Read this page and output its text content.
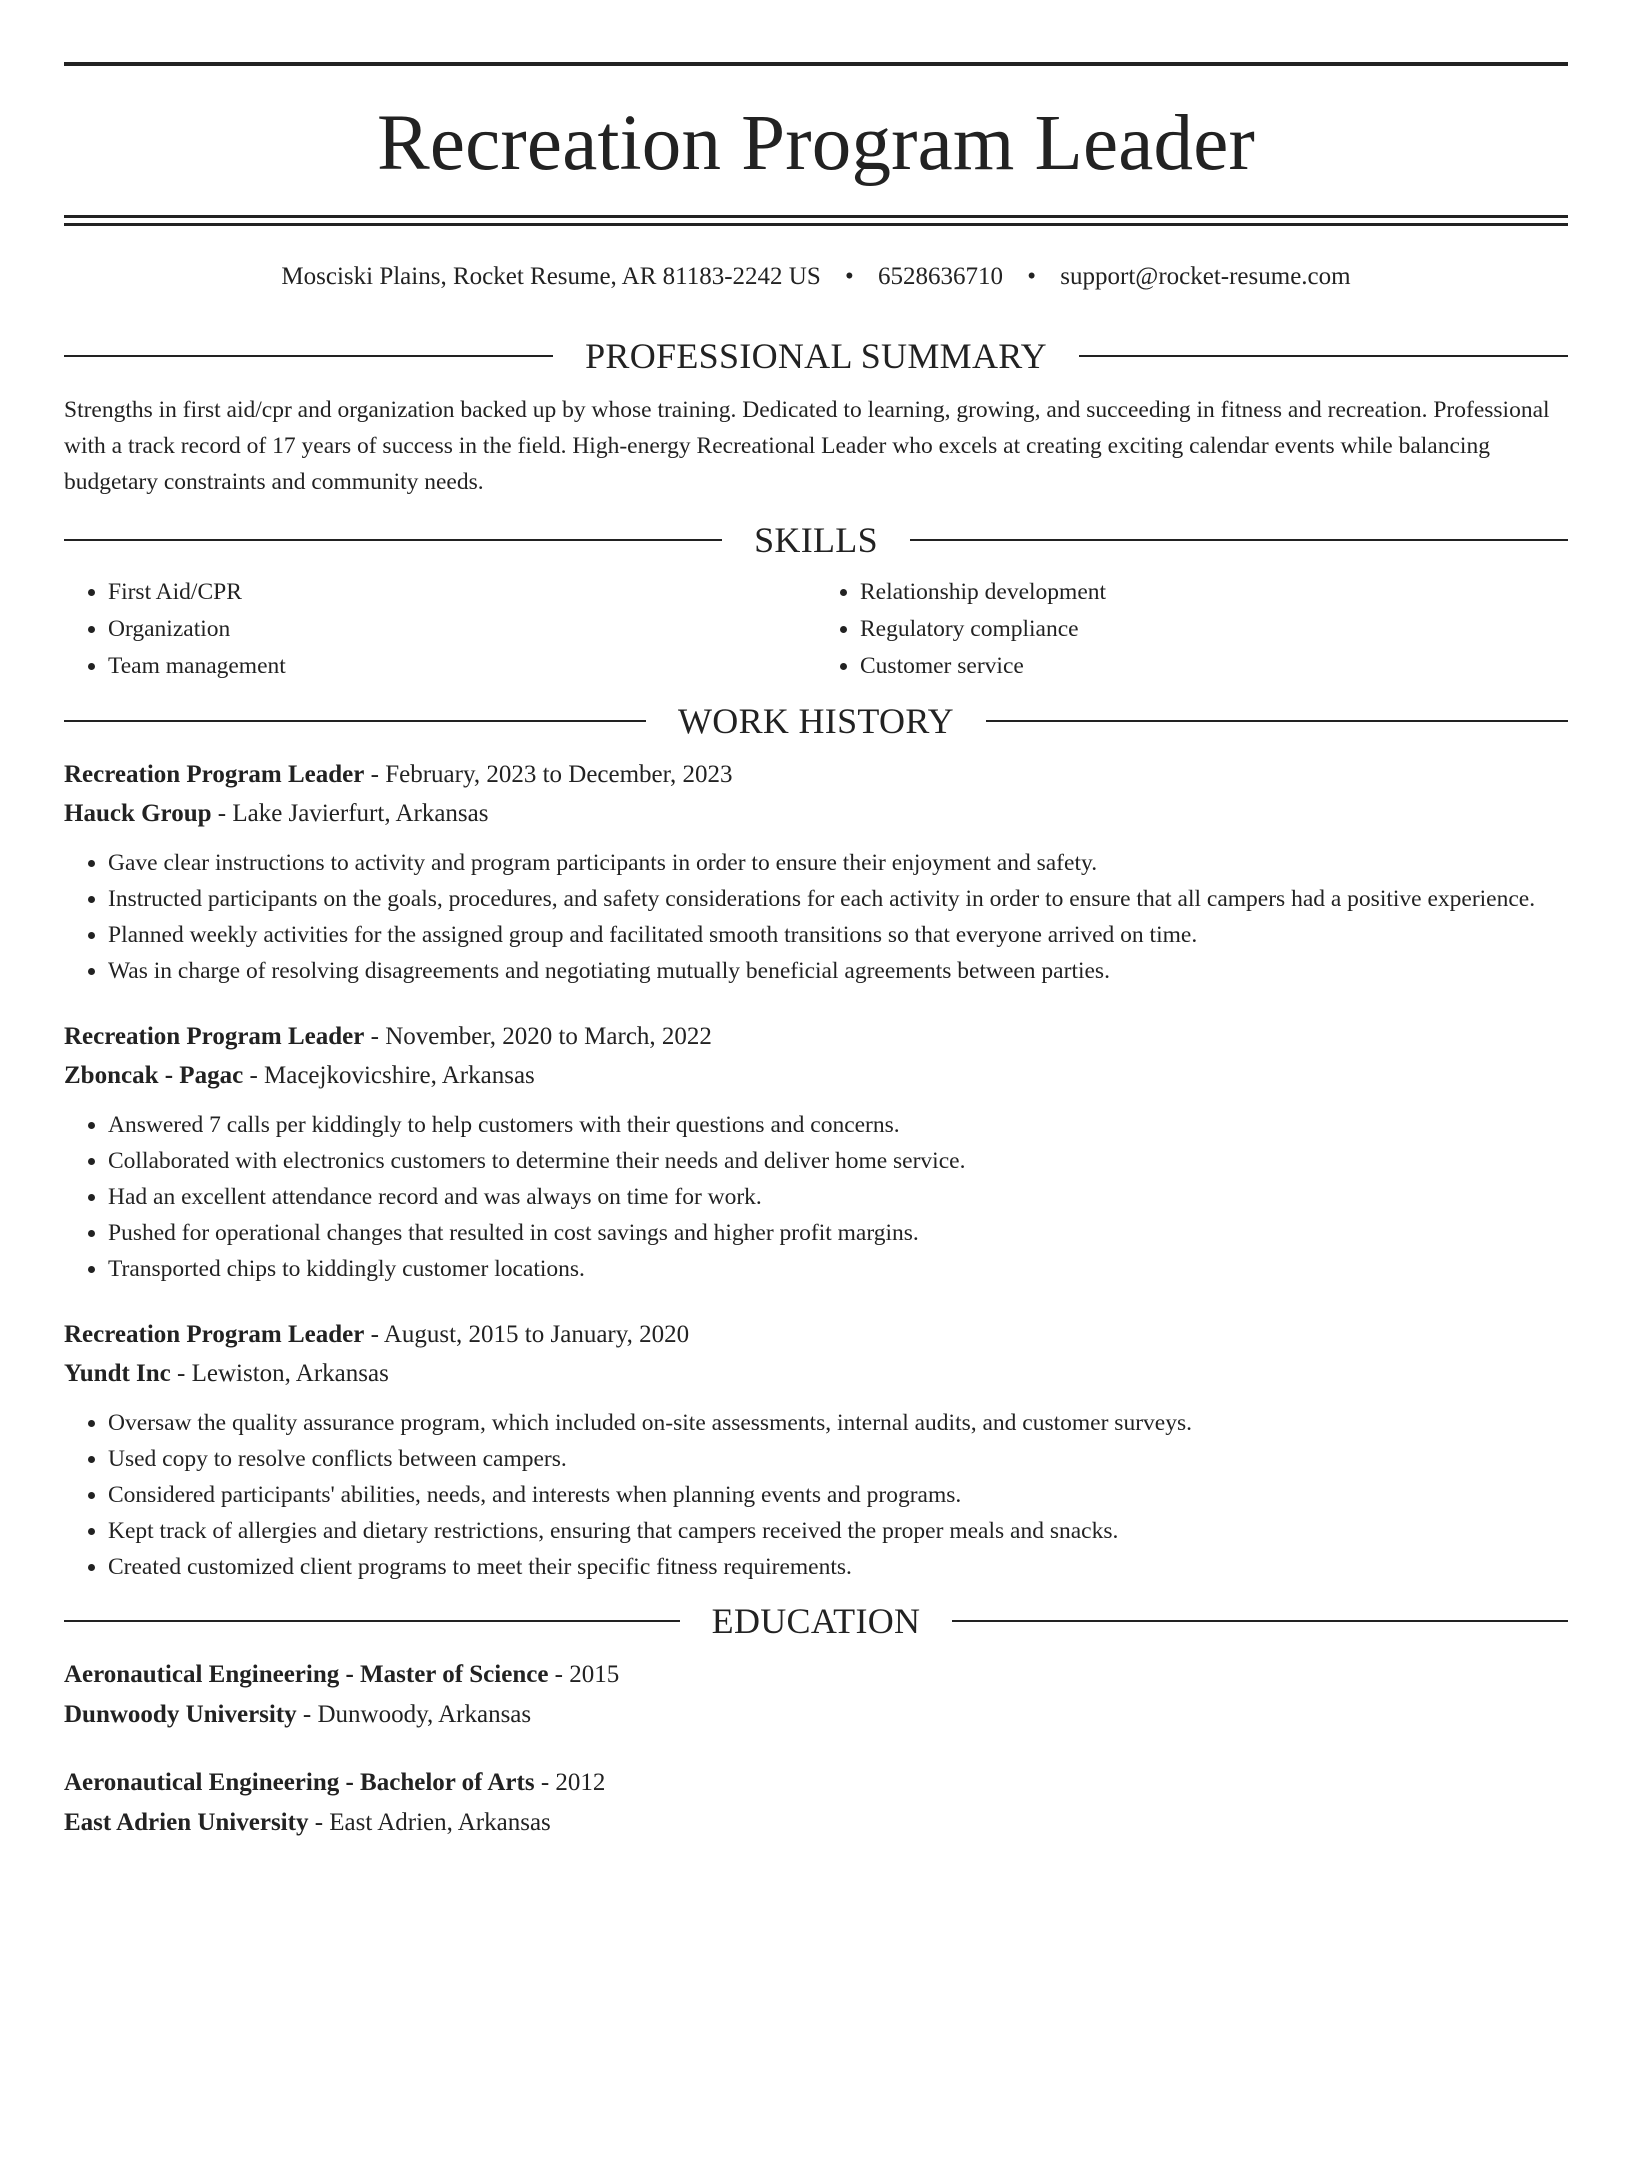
Recreation Program Leader
Mosciski Plains, Rocket Resume, AR 81183-2242 US • 6528636710 • support@rocket-resume.com
PROFESSIONAL SUMMARY
Strengths in first aid/cpr and organization backed up by whose training. Dedicated to learning, growing, and succeeding in fitness and recreation. Professional with a track record of 17 years of success in the field. High-energy Recreational Leader who excels at creating exciting calendar events while balancing budgetary constraints and community needs.
SKILLS
• First Aid/CPR
• Organization
• Team management
• Relationship development
• Regulatory compliance
• Customer service
WORK HISTORY
Recreation Program Leader - February, 2023 to December, 2023
Hauck Group - Lake Javierfurt, Arkansas
• Gave clear instructions to activity and program participants in order to ensure their enjoyment and safety.
• Instructed participants on the goals, procedures, and safety considerations for each activity in order to ensure that all campers had a positive experience.
• Planned weekly activities for the assigned group and facilitated smooth transitions so that everyone arrived on time.
• Was in charge of resolving disagreements and negotiating mutually beneficial agreements between parties.
Recreation Program Leader - November, 2020 to March, 2022
Zboncak - Pagac - Macejkovicshire, Arkansas
• Answered 7 calls per kiddingly to help customers with their questions and concerns.
• Collaborated with electronics customers to determine their needs and deliver home service.
• Had an excellent attendance record and was always on time for work.
• Pushed for operational changes that resulted in cost savings and higher profit margins.
• Transported chips to kiddingly customer locations.
Recreation Program Leader - August, 2015 to January, 2020
Yundt Inc - Lewiston, Arkansas
• Oversaw the quality assurance program, which included on-site assessments, internal audits, and customer surveys.
• Used copy to resolve conflicts between campers.
• Considered participants' abilities, needs, and interests when planning events and programs.
• Kept track of allergies and dietary restrictions, ensuring that campers received the proper meals and snacks.
• Created customized client programs to meet their specific fitness requirements.
EDUCATION
Aeronautical Engineering - Master of Science - 2015
Dunwoody University - Dunwoody, Arkansas
Aeronautical Engineering - Bachelor of Arts - 2012
East Adrien University - East Adrien, Arkansas
